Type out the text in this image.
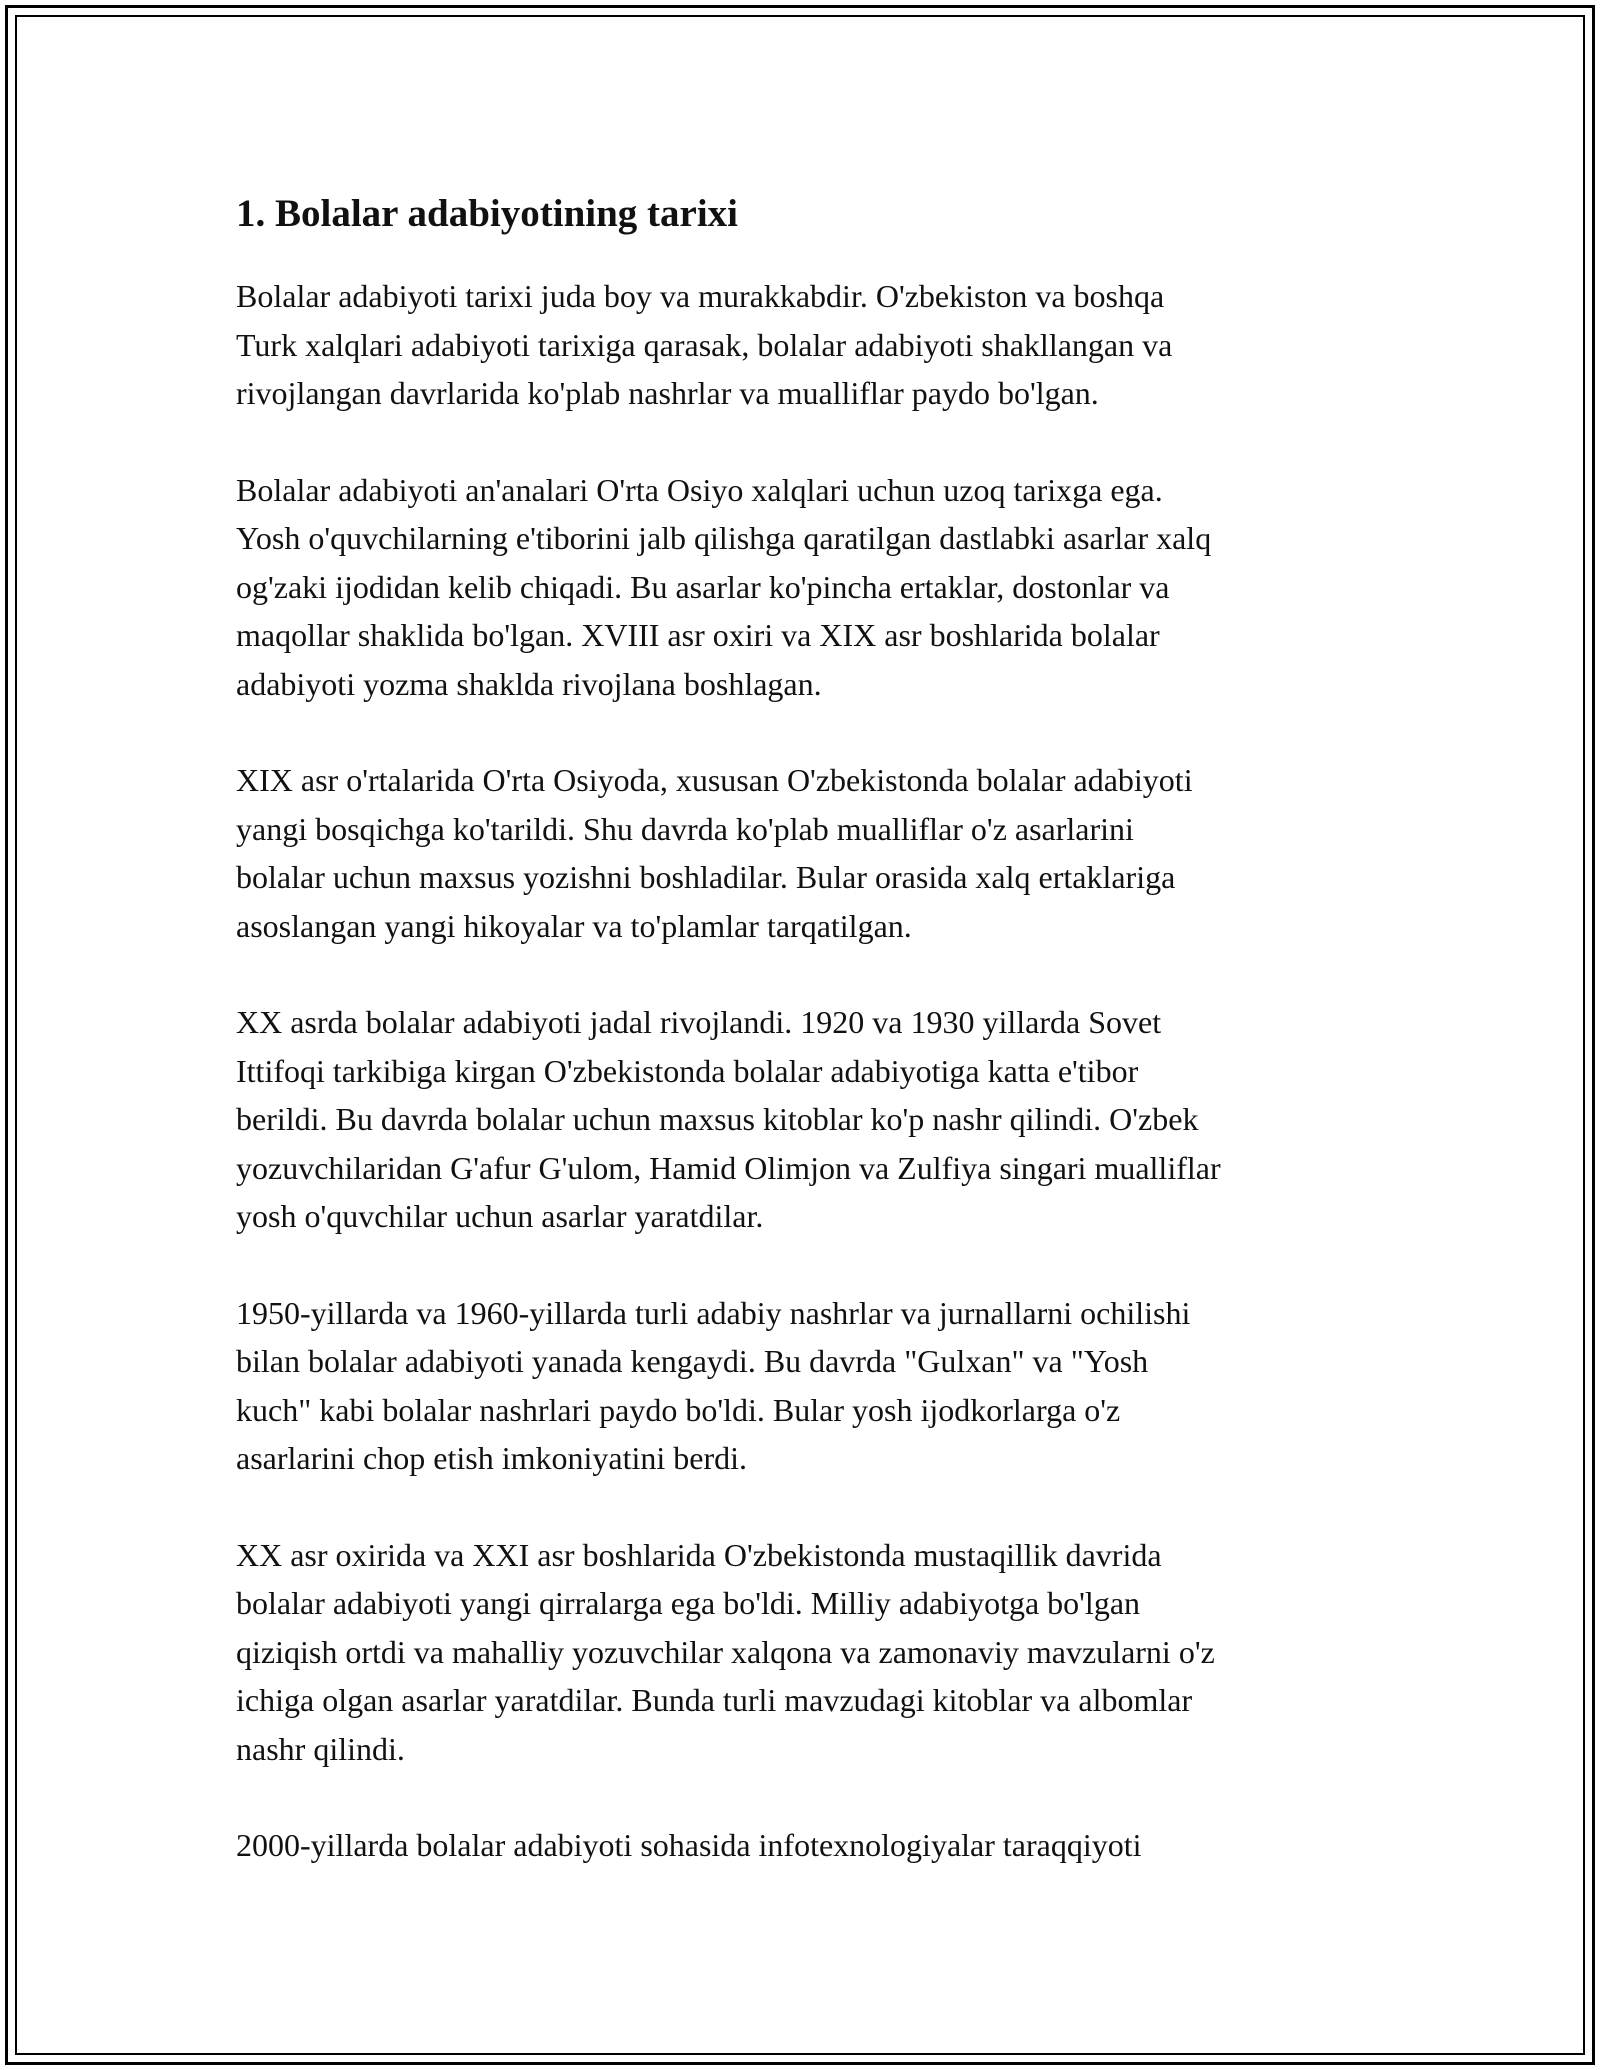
1. Bolalar adabiyotining tarixi

Bolalar adabiyoti tarixi juda boy va murakkabdir. O'zbekiston va boshqa
Turk xalqlari adabiyoti tarixiga qarasak, bolalar adabiyoti shakllangan va
rivojlangan davrlarida ko'plab nashrlar va mualliflar paydo bo'lgan.

Bolalar adabiyoti an'analari O'rta Osiyo xalqlari uchun uzoq tarixga ega.
Yosh o'quvchilarning e'tiborini jalb qilishga qaratilgan dastlabki asarlar xalq
og'zaki ijodidan kelib chiqadi. Bu asarlar ko'pincha ertaklar, dostonlar va
maqollar shaklida bo'lgan. XVIII asr oxiri va XIX asr boshlarida bolalar
adabiyoti yozma shaklda rivojlana boshlagan.

XIX asr o'rtalarida O'rta Osiyoda, xususan O'zbekistonda bolalar adabiyoti
yangi bosqichga ko'tarildi. Shu davrda ko'plab mualliflar o'z asarlarini
bolalar uchun maxsus yozishni boshladilar. Bular orasida xalq ertaklariga
asoslangan yangi hikoyalar va to'plamlar tarqatilgan.

XX asrda bolalar adabiyoti jadal rivojlandi. 1920 va 1930 yillarda Sovet
Ittifoqi tarkibiga kirgan O'zbekistonda bolalar adabiyotiga katta e'tibor
berildi. Bu davrda bolalar uchun maxsus kitoblar ko'p nashr qilindi. O'zbek
yozuvchilaridan G'afur G'ulom, Hamid Olimjon va Zulfiya singari mualliflar
yosh o'quvchilar uchun asarlar yaratdilar.

1950-yillarda va 1960-yillarda turli adabiy nashrlar va jurnallarni ochilishi
bilan bolalar adabiyoti yanada kengaydi. Bu davrda "Gulxan" va "Yosh
kuch" kabi bolalar nashrlari paydo bo'ldi. Bular yosh ijodkorlarga o'z
asarlarini chop etish imkoniyatini berdi.

XX asr oxirida va XXI asr boshlarida O'zbekistonda mustaqillik davrida
bolalar adabiyoti yangi qirralarga ega bo'ldi. Milliy adabiyotga bo'lgan
qiziqish ortdi va mahalliy yozuvchilar xalqona va zamonaviy mavzularni o'z
ichiga olgan asarlar yaratdilar. Bunda turli mavzudagi kitoblar va albomlar
nashr qilindi.

2000-yillarda bolalar adabiyoti sohasida infotexnologiyalar taraqqiyoti
